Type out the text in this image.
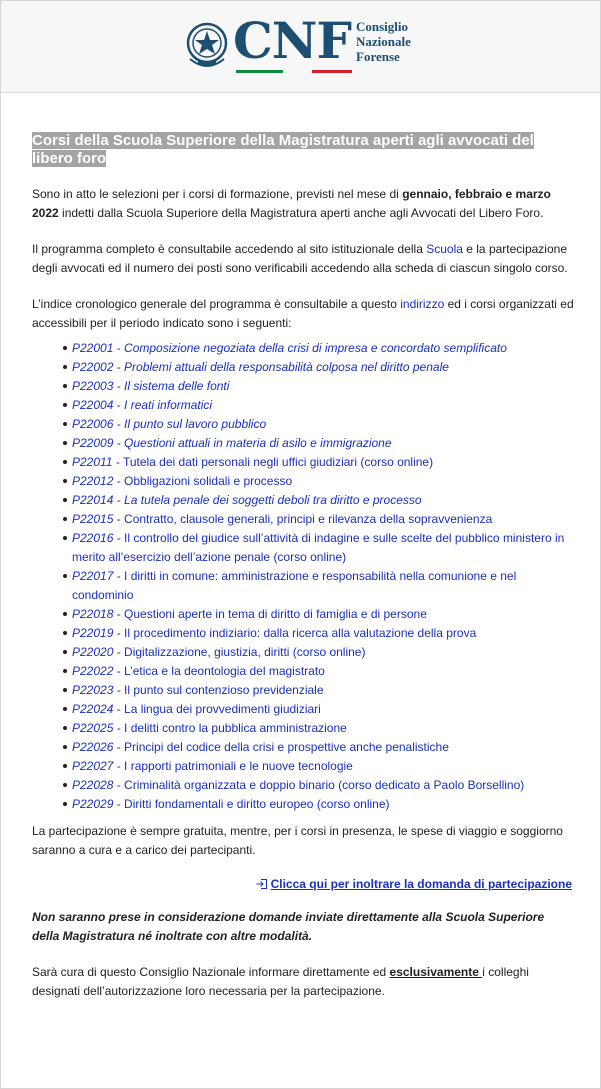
CNF Consiglio
Nazionale
Forense
Corsi della Scuola Superiore della Magistratura aperti agli avvocati del libero foro

Sono in atto le selezioni per i corsi di formazione, previsti nel mese di gennaio, febbraio e marzo 2022 indetti dalla Scuola Superiore della Magistratura aperti anche agli Avvocati del Libero Foro.

Il programma completo è consultabile accedendo al sito istituzionale della Scuola e la partecipazione degli avvocati ed il numero dei posti sono verificabili accedendo alla scheda di ciascun singolo corso.

L’indice cronologico generale del programma è consultabile a questo indirizzo ed i corsi organizzati ed accessibili per il periodo indicato sono i seguenti:

P22001 - Composizione negoziata della crisi di impresa e concordato semplificato
P22002 - Problemi attuali della responsabilità colposa nel diritto penale
P22003 - Il sistema delle fonti
P22004 - I reati informatici
P22006 - Il punto sul lavoro pubblico
P22009 - Questioni attuali in materia di asilo e immigrazione
P22011 - Tutela dei dati personali negli uffici giudiziari (corso online)
P22012 - Obbligazioni solidali e processo
P22014 - La tutela penale dei soggetti deboli tra diritto e processo
P22015 - Contratto, clausole generali, principi e rilevanza della sopravvenienza
P22016 - Il controllo del giudice sull’attività di indagine e sulle scelte del pubblico ministero in merito all’esercizio dell’azione penale (corso online)
P22017 - I diritti in comune: amministrazione e responsabilità nella comunione e nel condominio
P22018 - Questioni aperte in tema di diritto di famiglia e di persone
P22019 - Il procedimento indiziario: dalla ricerca alla valutazione della prova
P22020 - Digitalizzazione, giustizia, diritti (corso online)
P22022 - L’etica e la deontologia del magistrato
P22023 - Il punto sul contenzioso previdenziale
P22024 - La lingua dei provvedimenti giudiziari
P22025 - I delitti contro la pubblica amministrazione
P22026 - Principi del codice della crisi e prospettive anche penalistiche
P22027 - I rapporti patrimoniali e le nuove tecnologie
P22028 - Criminalità organizzata e doppio binario (corso dedicato a Paolo Borsellino)
P22029 - Diritti fondamentali e diritto europeo (corso online)

La partecipazione è sempre gratuita, mentre, per i corsi in presenza, le spese di viaggio e soggiorno saranno a cura e a carico dei partecipanti.

Clicca qui per inoltrare la domanda di partecipazione

Non saranno prese in considerazione domande inviate direttamente alla Scuola Superiore della Magistratura né inoltrate con altre modalità.

Sarà cura di questo Consiglio Nazionale informare direttamente ed esclusivamente i colleghi designati dell’autorizzazione loro necessaria per la partecipazione.
